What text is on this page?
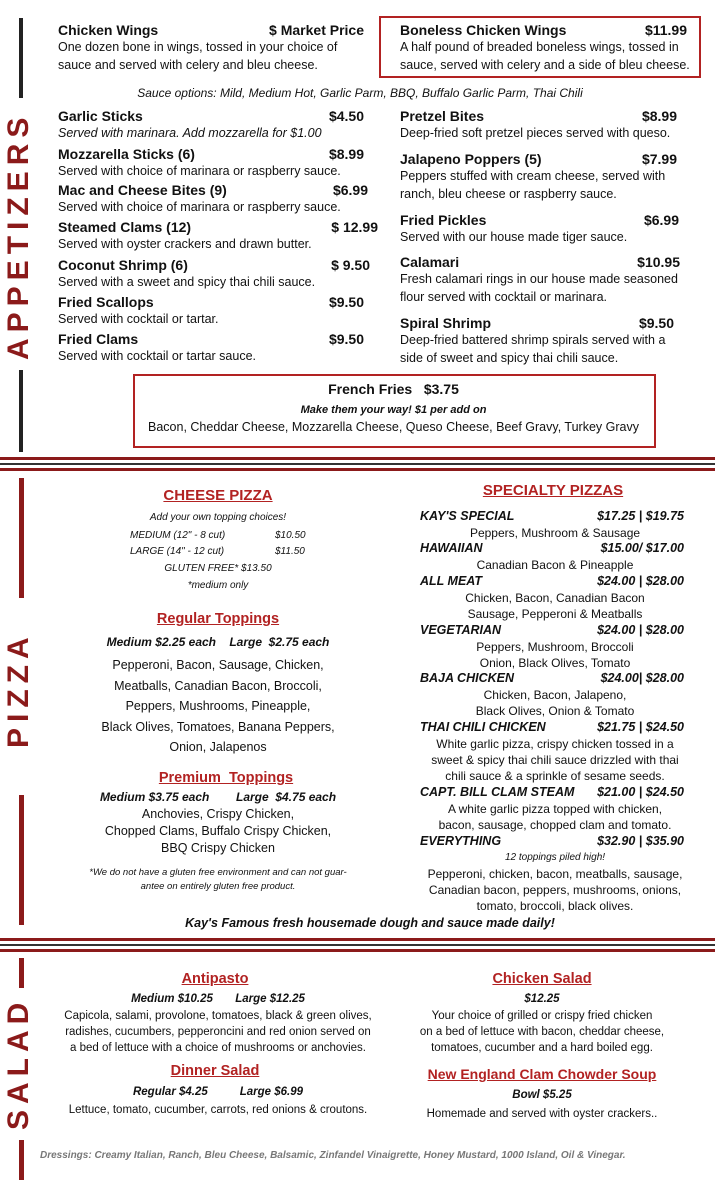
APPETIZERS
PIZZA
SALAD
Chicken Wings	$ Market Price
One dozen bone in wings, tossed in your choice of sauce and served with celery and bleu cheese.
Boneless Chicken Wings	$11.99
A half pound of breaded boneless wings, tossed in sauce, served with celery and a side of bleu cheese.
Sauce options: Mild, Medium Hot, Garlic Parm, BBQ, Buffalo Garlic Parm, Thai Chili
Garlic Sticks	$4.50
Served with marinara. Add mozzarella for $1.00
Mozzarella Sticks (6)	$8.99
Served with choice of marinara or raspberry sauce.
Mac and Cheese Bites (9)	$6.99
Served with choice of marinara or raspberry sauce.
Steamed Clams (12)	$ 12.99
Served with oyster crackers and drawn butter.
Coconut Shrimp (6)	$ 9.50
Served with a sweet and spicy thai chili sauce.
Fried Scallops	$9.50
Served with cocktail or tartar.
Fried Clams	$9.50
Served with cocktail or tartar sauce.
Pretzel Bites	$8.99
Deep-fried soft pretzel pieces served with queso.
Jalapeno Poppers (5)	$7.99
Peppers stuffed with cream cheese, served with ranch, bleu cheese or raspberry sauce.
Fried Pickles	$6.99
Served with our house made tiger sauce.
Calamari	$10.95
Fresh calamari rings in our house made seasoned flour served with cocktail or marinara.
Spiral Shrimp	$9.50
Deep-fried battered shrimp spirals served with a side of sweet and spicy thai chili sauce.
French Fries $3.75
Make them your way! $1 per add on
Bacon, Cheddar Cheese, Mozzarella Cheese, Queso Cheese, Beef Gravy, Turkey Gravy
CHEESE PIZZA
Add your own topping choices!
MEDIUM (12" - 8 cut)	$10.50
LARGE (14" - 12 cut)	$11.50
GLUTEN FREE* $13.50
*medium only
Regular Toppings
Medium $2.25 each    Large  $2.75 each
Pepperoni, Bacon, Sausage, Chicken,
Meatballs, Canadian Bacon, Broccoli,
Peppers, Mushrooms, Pineapple,
Black Olives, Tomatoes, Banana Peppers,
Onion, Jalapenos
Premium  Toppings
Medium $3.75 each        Large  $4.75 each
Anchovies, Crispy Chicken,
Chopped Clams, Buffalo Crispy Chicken,
BBQ Crispy Chicken
*We do not have a gluten free environment and can not guar-
antee on entirely gluten free product.
SPECIALTY PIZZAS
KAY'S SPECIAL	$17.25 | $19.75
Peppers, Mushroom & Sausage
HAWAIIAN	$15.00/ $17.00
Canadian Bacon & Pineapple
ALL MEAT	$24.00 | $28.00
Chicken, Bacon, Canadian Bacon
Sausage, Pepperoni & Meatballs
VEGETARIAN	$24.00 | $28.00
Peppers, Mushroom, Broccoli
Onion, Black Olives, Tomato
BAJA CHICKEN	$24.00| $28.00
Chicken, Bacon, Jalapeno,
Black Olives, Onion & Tomato
THAI CHILI CHICKEN	$21.75 | $24.50
White garlic pizza, crispy chicken tossed in a
sweet & spicy thai chili sauce drizzled with thai
chili sauce & a sprinkle of sesame seeds.
CAPT. BILL CLAM STEAM $21.00 | $24.50
A white garlic pizza topped with chicken,
bacon, sausage, chopped clam and tomato.
EVERYTHING	$32.90 | $35.90
12 toppings piled high!
Pepperoni, chicken, bacon, meatballs, sausage,
Canadian bacon, peppers, mushrooms, onions,
tomato, broccoli, black olives.
Kay's Famous fresh housemade dough and sauce made daily!
Antipasto
Medium $10.25       Large $12.25
Capicola, salami, provolone, tomatoes, black & green olives,
radishes, cucumbers, pepperoncini and red onion served on
a bed of lettuce with a choice of mushrooms or anchovies.
Dinner Salad
Regular $4.25          Large $6.99
Lettuce, tomato, cucumber, carrots, red onions & croutons.
Chicken Salad
$12.25
Your choice of grilled or crispy fried chicken
on a bed of lettuce with bacon, cheddar cheese,
tomatoes, cucumber and a hard boiled egg.
New England Clam Chowder Soup
Bowl $5.25
Homemade and served with oyster crackers..
Dressings: Creamy Italian, Ranch, Bleu Cheese, Balsamic, Zinfandel Vinaigrette, Honey Mustard, 1000 Island, Oil & Vinegar.
